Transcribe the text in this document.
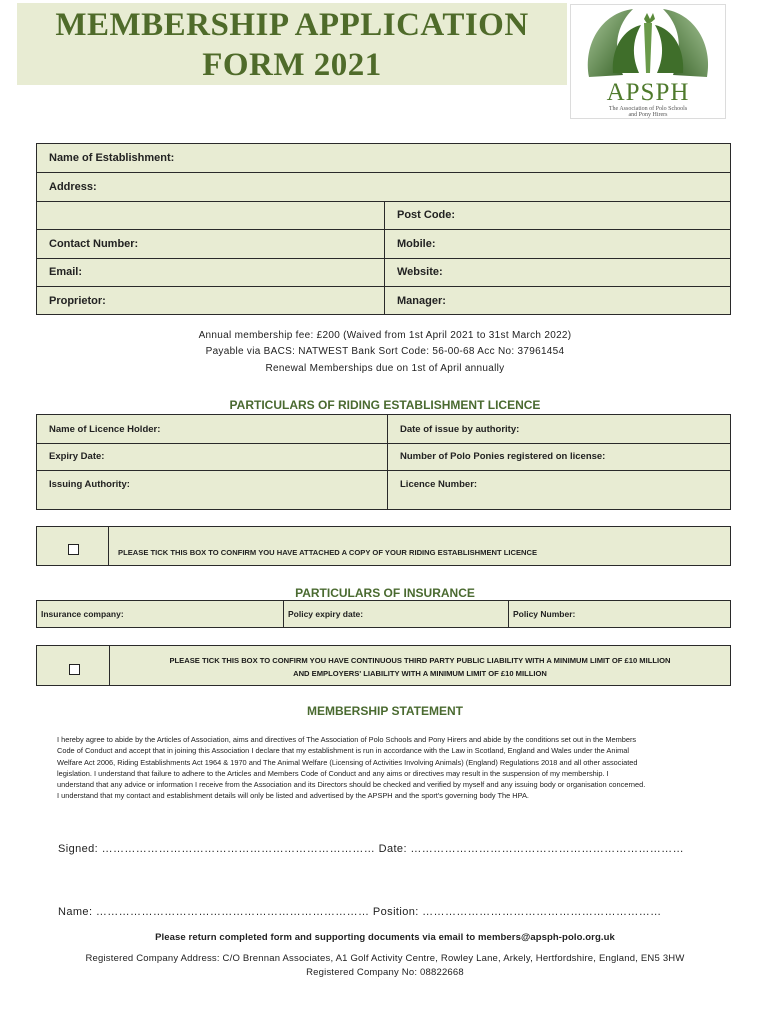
MEMBERSHIP APPLICATION
FORM 2021
APSPH
The Association of Polo Schools
and Pony Hirers
Name of Establishment:
Address:
Post Code:
Contact Number:	Mobile:
Email:	Website:
Proprietor:	Manager:
Annual membership fee: £200 (Waived from 1st April 2021 to 31st March 2022)
Payable via BACS: NATWEST Bank Sort Code: 56-00-68 Acc No: 37961454
Renewal Memberships due on 1st of April annually
PARTICULARS OF RIDING ESTABLISHMENT LICENCE
Name of Licence Holder:	Date of issue by authority:
Expiry Date:	Number of Polo Ponies registered on license:
Issuing Authority:	Licence Number:
PLEASE TICK THIS BOX TO CONFIRM YOU HAVE ATTACHED A COPY OF YOUR RIDING ESTABLISHMENT LICENCE
PARTICULARS OF INSURANCE
Insurance company:	Policy expiry date:	Policy Number:
PLEASE TICK THIS BOX TO CONFIRM YOU HAVE CONTINUOUS THIRD PARTY PUBLIC LIABILITY WITH A MINIMUM LIMIT OF £10 MILLION
AND EMPLOYERS' LIABILITY WITH A MINIMUM LIMIT OF £10 MILLION
MEMBERSHIP STATEMENT
I hereby agree to abide by the Articles of Association, aims and directives of The Association of Polo Schools and Pony Hirers and abide by the conditions set out in the Members
Code of Conduct and accept that in joining this Association I declare that my establishment is run in accordance with the Law in Scotland, England and Wales under the Animal
Welfare Act 2006, Riding Establishments Act 1964 & 1970 and The Animal Welfare (Licensing of Activities Involving Animals) (England) Regulations 2018 and all other associated
legislation. I understand that failure to adhere to the Articles and Members Code of Conduct and any aims or directives may result in the suspension of my membership. I
understand that any advice or information I receive from the Association and its Directors should be checked and verified by myself and any issuing body or organisation concerned.
I understand that my contact and establishment details will only be listed and advertised by the APSPH and the sport's governing body The HPA.
Signed: ……………………………………………………………… Date: ………………………………………………………………
Name: ……………………………………………………………… Position: ………………………………………………………
Please return completed form and supporting documents via email to members@apsph-polo.org.uk
Registered Company Address: C/O Brennan Associates, A1 Golf Activity Centre, Rowley Lane, Arkely, Hertfordshire, England, EN5 3HW
Registered Company No: 08822668
